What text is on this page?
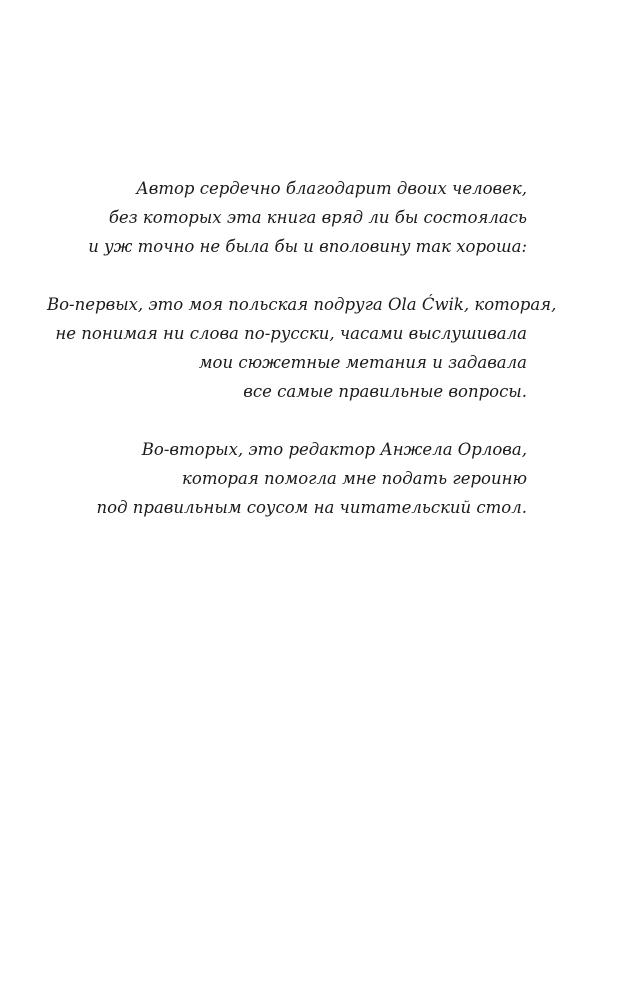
Автор сердечно благодарит двоих человек,
без которых эта книга вряд ли бы состоялась
и уж точно не была бы и вполовину так хороша:

Во-первых, это моя польская подруга Ola Ćwik, которая,
не понимая ни слова по-русски, часами выслушивала
мои сюжетные метания и задавала
все самые правильные вопросы.

Во-вторых, это редактор Анжела Орлова,
которая помогла мне подать героиню
под правильным соусом на читательский стол.
